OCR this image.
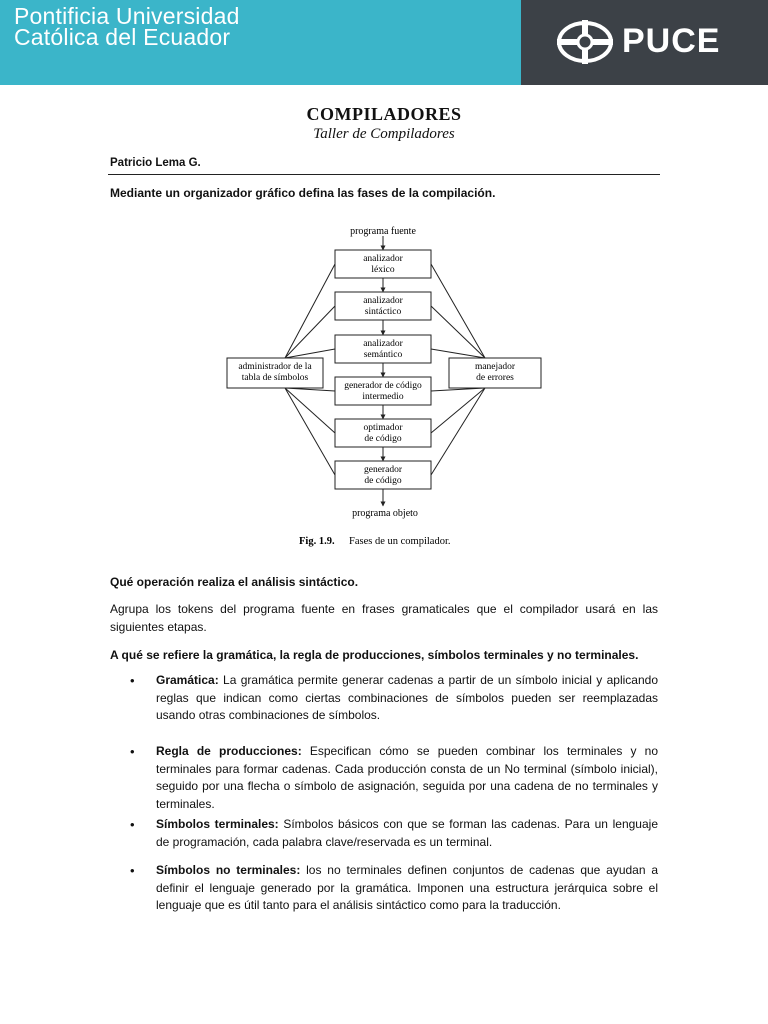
Pontificia Universidad
Católica del Ecuador	PUCE
COMPILADORES
Taller de Compiladores
Patricio Lema G.
Mediante un organizador gráfico defina las fases de la compilación.
analizador
léxico
analizador
sintáctico
analizador
semántico
generador de código
intermedio
optimador
de código
generador
de código
administrador de la
tabla de símbolos
manejador
de errores
programa fuente
programa objeto
Fig. 1.9. Fases de un compilador.
Qué operación realiza el análisis sintáctico.
Agrupa los tokens del programa fuente en frases gramaticales que el compilador usará en las siguientes etapas.
A qué se refiere la gramática, la regla de producciones, símbolos terminales y no terminales.
• Gramática: La gramática permite generar cadenas a partir de un símbolo inicial y aplicando reglas que indican como ciertas combinaciones de símbolos pueden ser reemplazadas usando otras combinaciones de símbolos.
• Regla de producciones: Especifican cómo se pueden combinar los terminales y no terminales para formar cadenas. Cada producción consta de un No terminal (símbolo inicial), seguido por una flecha o símbolo de asignación, seguida por una cadena de no terminales y terminales.
• Símbolos terminales: Símbolos básicos con que se forman las cadenas. Para un lenguaje de programación, cada palabra clave/reservada es un terminal.
• Símbolos no terminales: los no terminales definen conjuntos de cadenas que ayudan a definir el lenguaje generado por la gramática. Imponen una estructura jerárquica sobre el lenguaje que es útil tanto para el análisis sintáctico como para la traducción.
